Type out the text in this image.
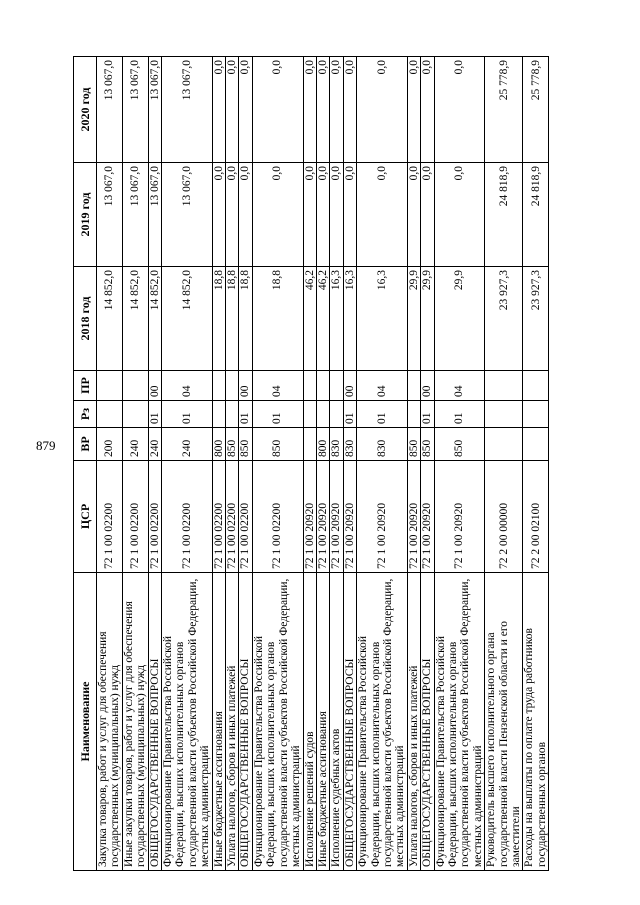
879
Наименование	ЦСР	ВР	Рз	ПР	2018 год	2019 год	2020 год
Закупка товаров, работ и услуг для обеспечения государственных (муниципальных) нужд	72 1 00 02200	200			14 852,0	13 067,0	13 067,0
Иные закупки товаров, работ и услуг для обеспечения государственных (муниципальных) нужд	72 1 00 02200	240			14 852,0	13 067,0	13 067,0
ОБЩЕГОСУДАРСТВЕННЫЕ ВОПРОСЫ	72 1 00 02200	240	01	00	14 852,0	13 067,0	13 067,0
Функционирование Правительства Российской Федерации, высших исполнительных органов государственной власти субъектов Российской Федерации, местных администраций	72 1 00 02200	240	01	04	14 852,0	13 067,0	13 067,0
Иные бюджетные ассигнования	72 1 00 02200	800			18,8	0,0	0,0
Уплата налогов, сборов и иных платежей	72 1 00 02200	850			18,8	0,0	0,0
ОБЩЕГОСУДАРСТВЕННЫЕ ВОПРОСЫ	72 1 00 02200	850	01	00	18,8	0,0	0,0
Функционирование Правительства Российской Федерации, высших исполнительных органов государственной власти субъектов Российской Федерации, местных администраций	72 1 00 02200	850	01	04	18,8	0,0	0,0
Исполнение решений судов	72 1 00 20920				46,2	0,0	0,0
Иные бюджетные ассигнования	72 1 00 20920	800			46,2	0,0	0,0
Исполнение судебных актов	72 1 00 20920	830			16,3	0,0	0,0
ОБЩЕГОСУДАРСТВЕННЫЕ ВОПРОСЫ	72 1 00 20920	830	01	00	16,3	0,0	0,0
Функционирование Правительства Российской Федерации, высших исполнительных органов государственной власти субъектов Российской Федерации, местных администраций	72 1 00 20920	830	01	04	16,3	0,0	0,0
Уплата налогов, сборов и иных платежей	72 1 00 20920	850			29,9	0,0	0,0
ОБЩЕГОСУДАРСТВЕННЫЕ ВОПРОСЫ	72 1 00 20920	850	01	00	29,9	0,0	0,0
Функционирование Правительства Российской Федерации, высших исполнительных органов государственной власти субъектов Российской Федерации, местных администраций	72 1 00 20920	850	01	04	29,9	0,0	0,0
Руководитель высшего исполнительного органа государственной власти Пензенской области и его заместители	72 2 00 00000				23 927,3	24 818,9	25 778,9
Расходы на выплаты по оплате труда работников государственных органов	72 2 00 02100				23 927,3	24 818,9	25 778,9
